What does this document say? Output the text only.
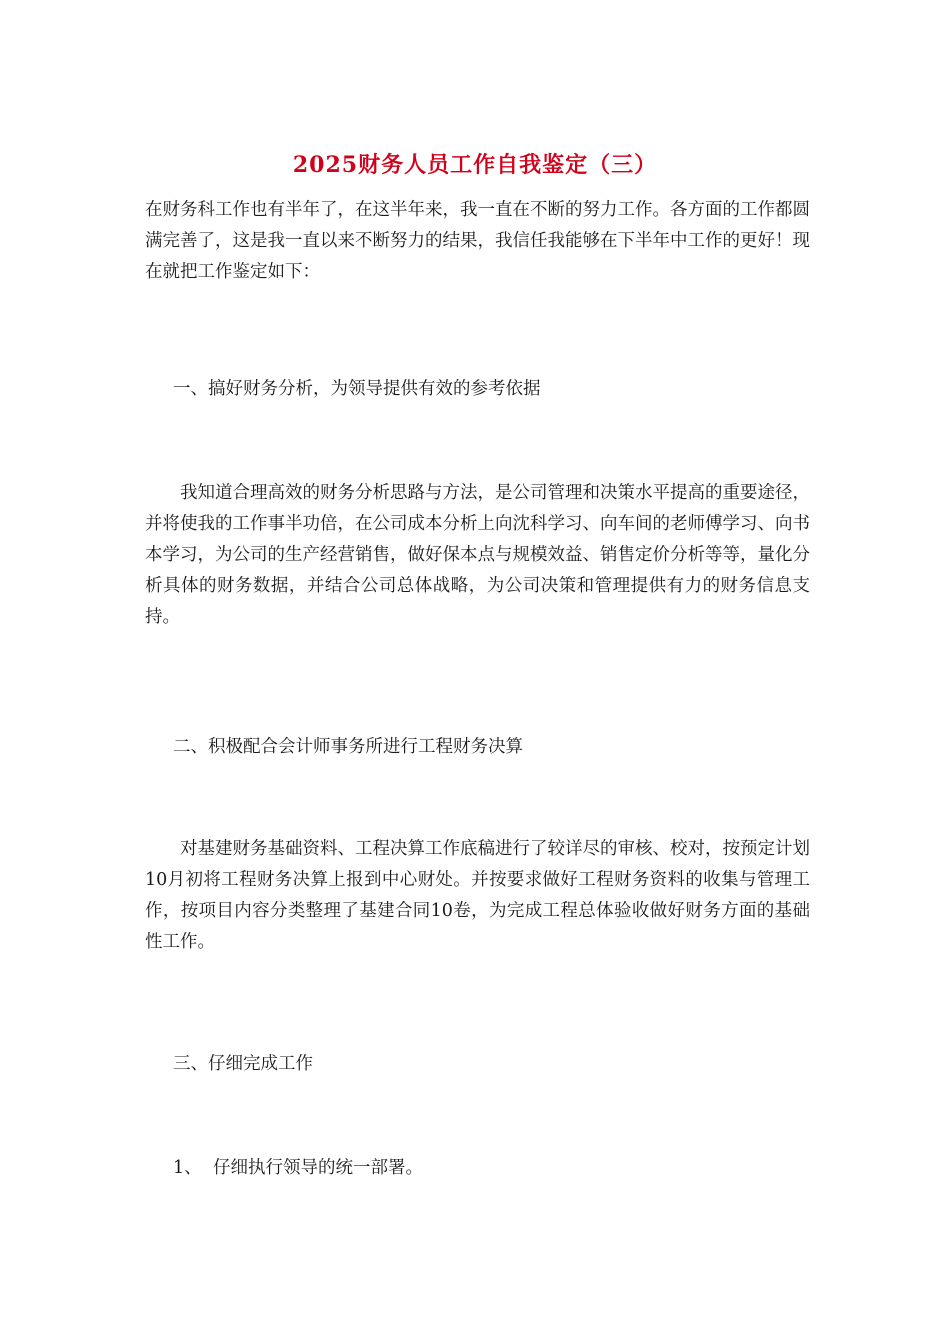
2025财务人员工作自我鉴定（三）

在财务科工作也有半年了，在这半年来，我一直在不断的努力工作。各方面的工作都圆满完善了，这是我一直以来不断努力的结果，我信任我能够在下半年中工作的更好！现在就把工作鉴定如下：

一、搞好财务分析，为领导提供有效的参考依据

我知道合理高效的财务分析思路与方法，是公司管理和决策水平提高的重要途径，并将使我的工作事半功倍，在公司成本分析上向沈科学习、向车间的老师傅学习、向书本学习，为公司的生产经营销售，做好保本点与规模效益、销售定价分析等等，量化分析具体的财务数据，并结合公司总体战略，为公司决策和管理提供有力的财务信息支持。

二、积极配合会计师事务所进行工程财务决算

对基建财务基础资料、工程决算工作底稿进行了较详尽的审核、校对，按预定计划10月初将工程财务决算上报到中心财处。并按要求做好工程财务资料的收集与管理工作，按项目内容分类整理了基建合同10卷，为完成工程总体验收做好财务方面的基础性工作。

三、仔细完成工作

1、 仔细执行领导的统一部署。
